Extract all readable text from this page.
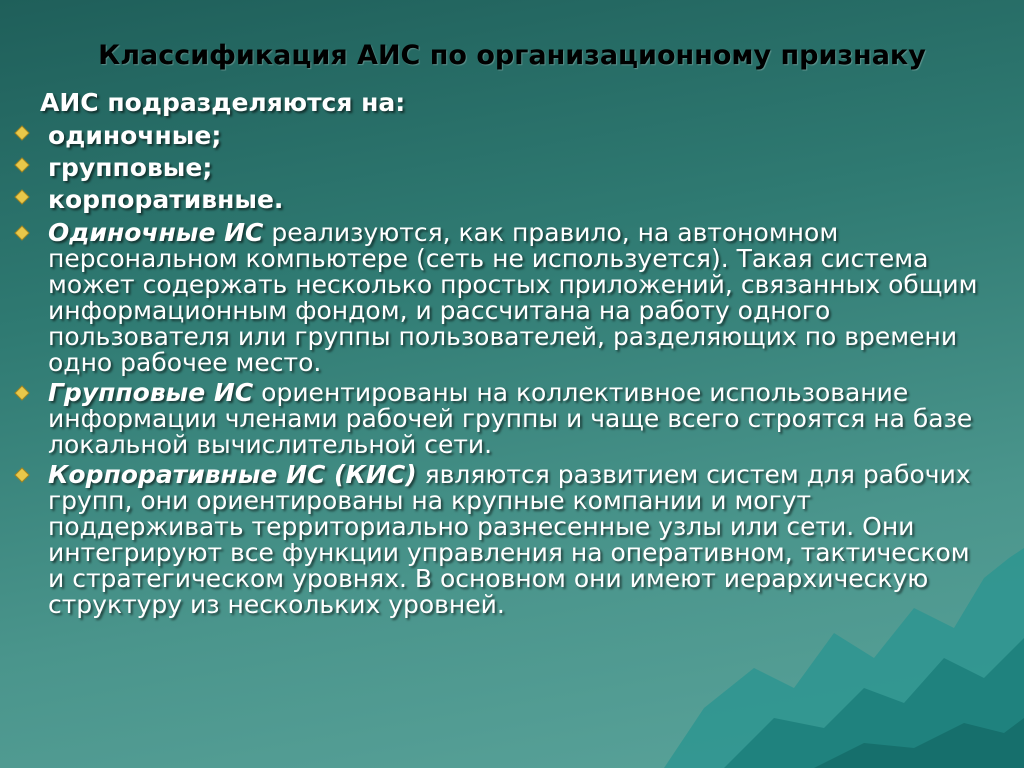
Классификация АИС по организационному признаку
АИС подразделяются на:
одиночные;
групповые;
корпоративные.
Одиночные ИС реализуются, как правило, на автономном персональном компьютере (сеть не используется). Такая система может содержать несколько простых приложений, связанных общим информационным фондом, и рассчитана на работу одного пользователя или группы пользователей, разделяющих по времени одно рабочее место.
Групповые ИС ориентированы на коллективное использование информации членами рабочей группы и чаще всего строятся на базе локальной вычислительной сети.
Корпоративные ИС (КИС) являются развитием систем для рабочих групп, они ориентированы на крупные компании и могут поддерживать территориально разнесенные узлы или сети. Они интегрируют все функции управления на оперативном, тактическом и стратегическом уровнях. В основном они имеют иерархическую структуру из нескольких уровней.
